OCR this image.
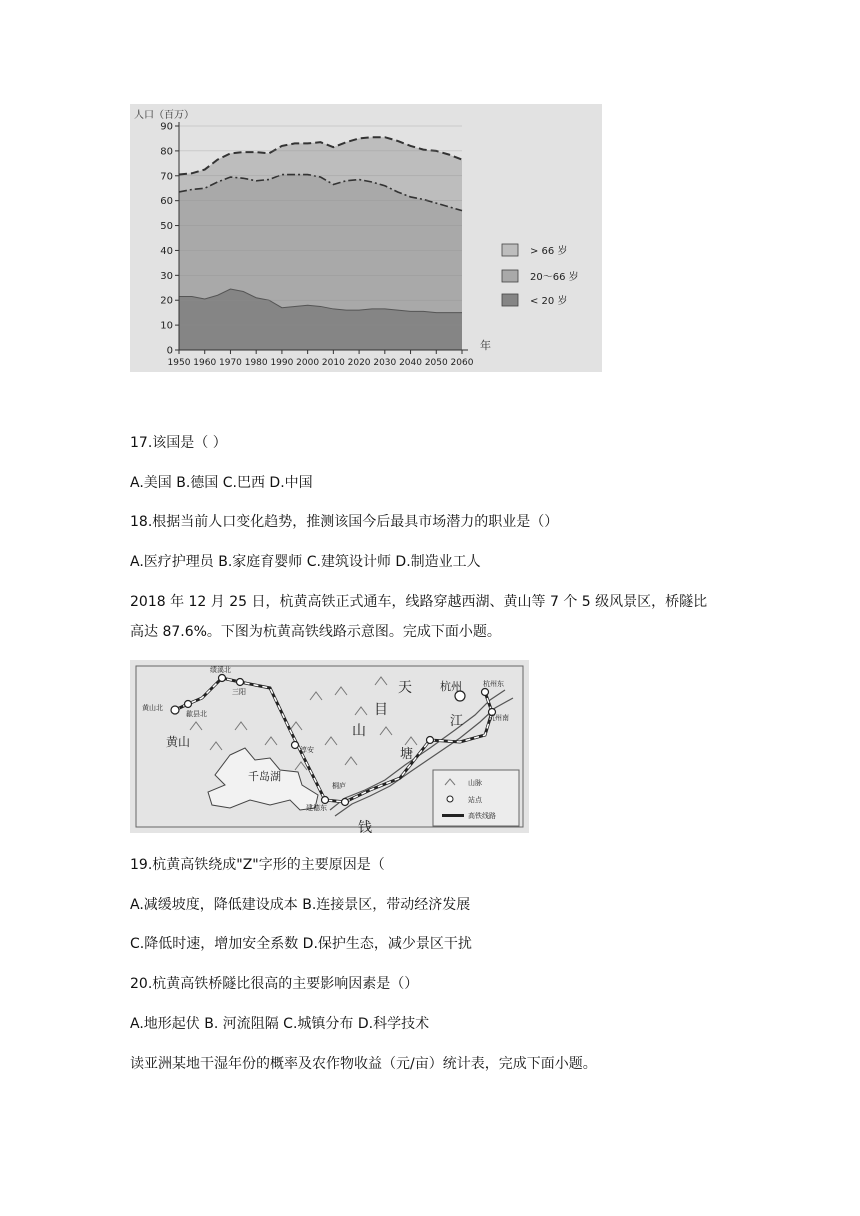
0
10
20
30
40
50
60
70
80
90
1950 1960 1970 1980 1990 2000 2010 2020 2030 2040 2050 2060
人口（百万）
年
> 66 岁
20～66 岁
< 20 岁
17.该国是（ ）
A.美国 B.德国 C.巴西 D.中国
18.根据当前人口变化趋势，推测该国今后最具市场潜力的职业是（）
A.医疗护理员 B.家庭育婴师 C.建筑设计师 D.制造业工人
2018 年 12 月 25 日，杭黄高铁正式通车，线路穿越西湖、黄山等 7 个 5 级风景区，桥隧比
高达 87.6%。下图为杭黄高铁线路示意图。完成下面小题。
黄山北
歙县北
绩溪北
三阳
黄山
千岛湖
淳安
桐庐
建德东
杭州	杭州东
杭州南
天
目
山
钱
塘
江
山脉
站点
高铁线路
19.杭黄高铁绕成"Z"字形的主要原因是（
A.减缓坡度，降低建设成本 B.连接景区，带动经济发展
C.降低时速，增加安全系数 D.保护生态，减少景区干扰
20.杭黄高铁桥隧比很高的主要影响因素是（）
A.地形起伏 B. 河流阻隔 C.城镇分布 D.科学技术
读亚洲某地干湿年份的概率及农作物收益（元/亩）统计表，完成下面小题。
